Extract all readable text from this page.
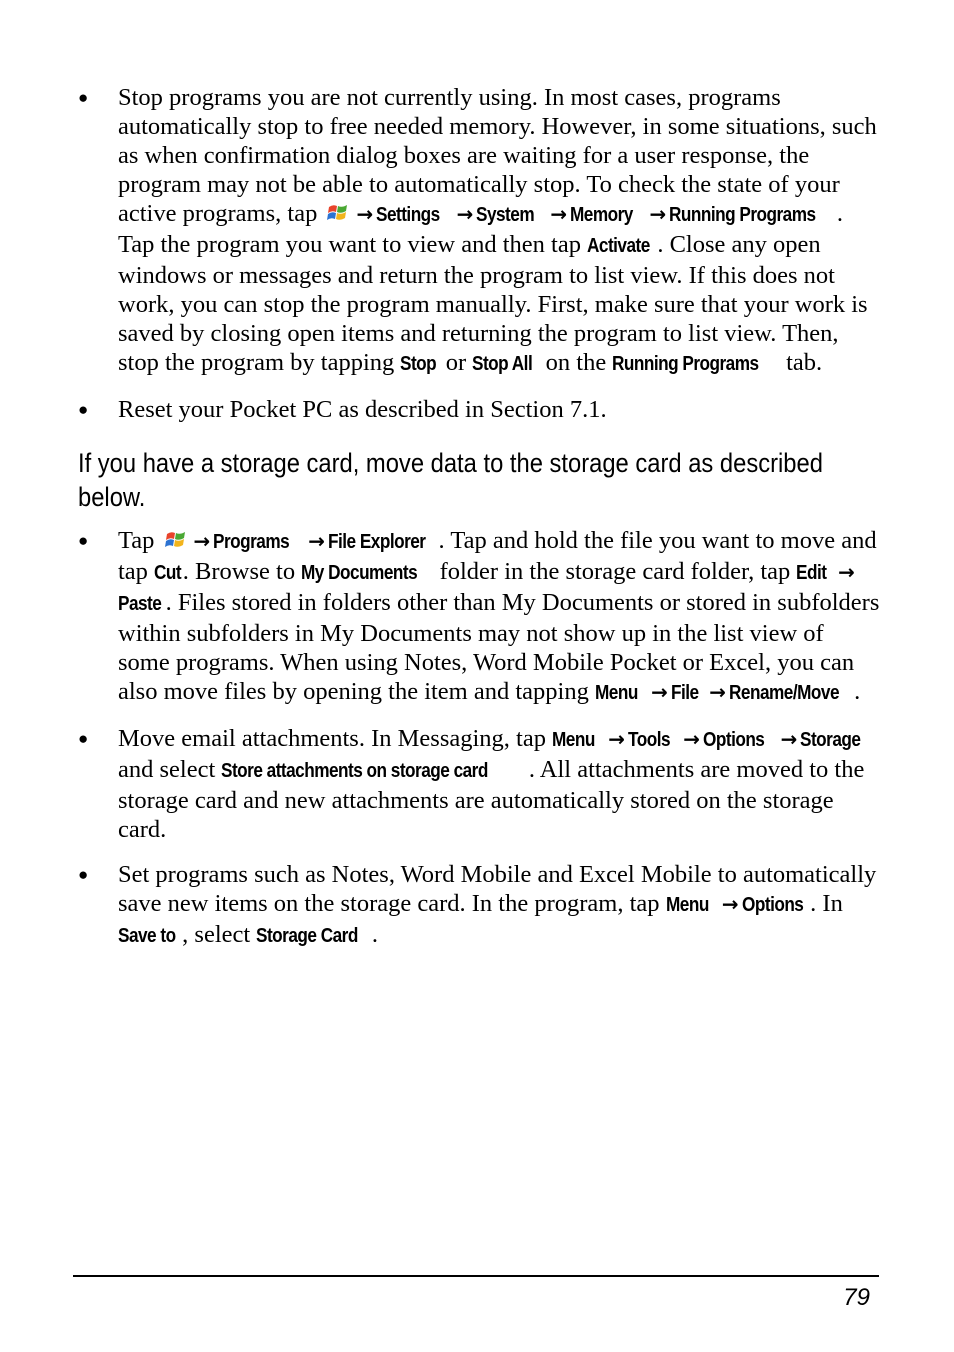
● Stop programs you are not currently using. In most cases, programs automatically stop to free needed memory. However, in some situations, such as when confirmation dialog boxes are waiting for a user response, the program may not be able to automatically stop. To check the state of your active programs, tap → Settings → System → Memory → Running Programs . Tap the program you want to view and then tap Activate . Close any open windows or messages and return the program to list view. If this does not work, you can stop the program manually. First, make sure that your work is saved by closing open items and returning the program to list view. Then, stop the program by tapping Stop or Stop All on the Running Programs tab.
● Reset your Pocket PC as described in Section 7.1.
If you have a storage card, move data to the storage card as described below.
● Tap → Programs → File Explorer . Tap and hold the file you want to move and tap Cut. Browse to My Documents folder in the storage card folder, tap Edit →Paste . Files stored in folders other than My Documents or stored in subfolders within subfolders in My Documents may not show up in the list view of some programs. When using Notes, Word Mobile Pocket or Excel, you can also move files by opening the item and tapping Menu → File → Rename/Move .
● Move email attachments. In Messaging, tap Menu → Tools → Options → Storage and select Store attachments on storage card . All attachments are moved to the storage card and new attachments are automatically stored on the storage card.
● Set programs such as Notes, Word Mobile and Excel Mobile to automatically save new items on the storage card. In the program, tap Menu → Options . In Save to , select Storage Card .
79
